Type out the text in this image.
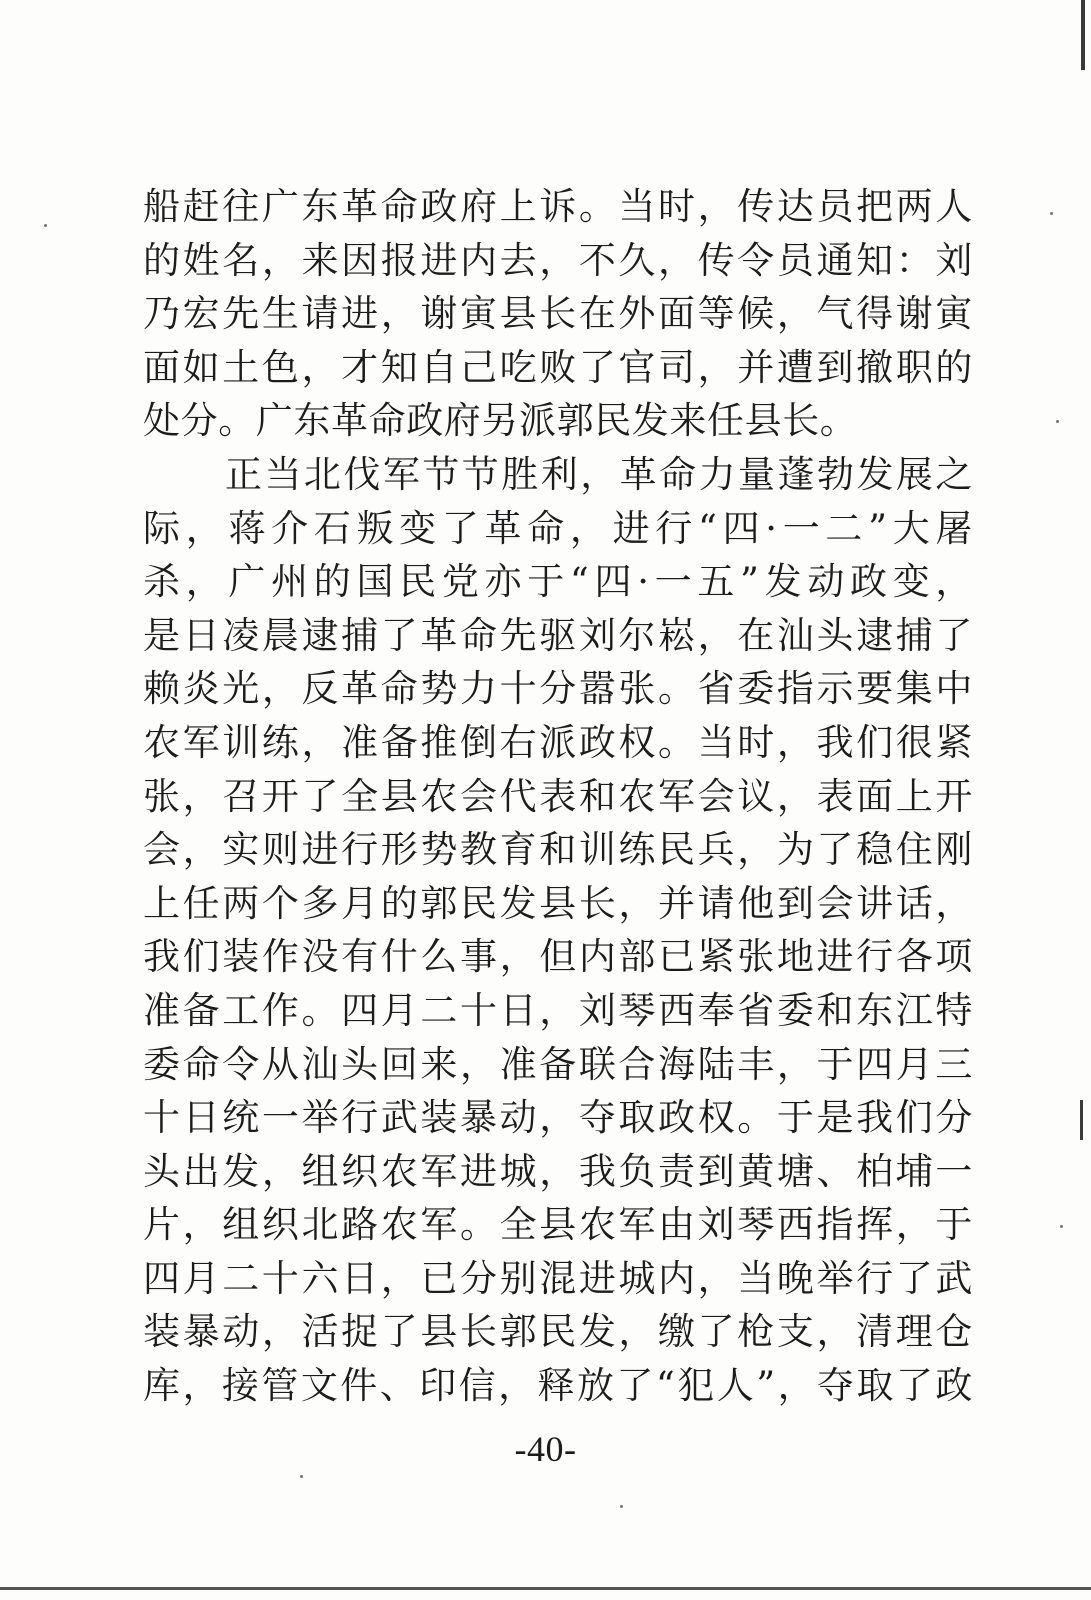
船赶往广东革命政府上诉。当时，传达员把两人
的姓名，来因报进内去，不久，传令员通知：刘
乃宏先生请进，谢寅县长在外面等候，气得谢寅
面如土色，才知自己吃败了官司，并遭到撤职的
处分。广东革命政府另派郭民发来任县长。
正当北伐军节节胜利，革命力量蓬勃发展之
际，蒋介石叛变了革命，进行“四·一二”大屠
杀，广州的国民党亦于“四·一五”发动政变，
是日凌晨逮捕了革命先驱刘尔崧，在汕头逮捕了
赖炎光，反革命势力十分嚣张。省委指示要集中
农军训练，准备推倒右派政权。当时，我们很紧
张，召开了全县农会代表和农军会议，表面上开
会，实则进行形势教育和训练民兵，为了稳住刚
上任两个多月的郭民发县长，并请他到会讲话，
我们装作没有什么事，但内部已紧张地进行各项
准备工作。四月二十日，刘琴西奉省委和东江特
委命令从汕头回来，准备联合海陆丰，于四月三
十日统一举行武装暴动，夺取政权。于是我们分
头出发，组织农军进城，我负责到黄塘、柏埔一
片，组织北路农军。全县农军由刘琴西指挥，于
四月二十六日，已分别混进城内，当晚举行了武
装暴动，活捉了县长郭民发，缴了枪支，清理仓
库，接管文件、印信，释放了“犯人”，夺取了政
-40-
